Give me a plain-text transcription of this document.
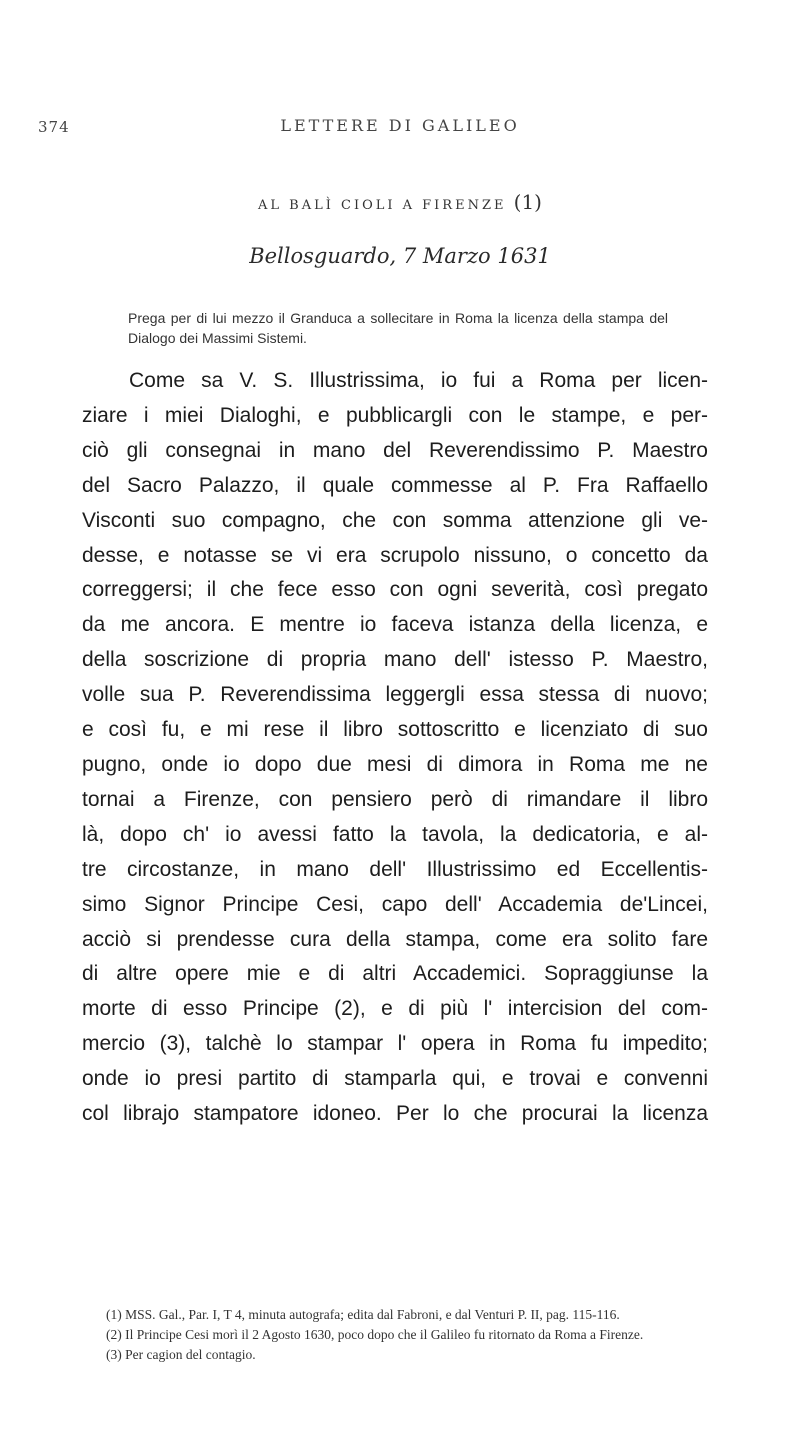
374	LETTERE DI GALILEO
AL BALÌ CIOLI A FIRENZE (1)
Bellosguardo, 7 Marzo 1631
Prega per di lui mezzo il Granduca a sollecitare in Roma la licenza della stampa del Dialogo dei Massimi Sistemi.
Come sa V. S. Illustrissima, io fui a Roma per licen-
ziare i miei Dialoghi, e pubblicargli con le stampe, e per-
ciò gli consegnai in mano del Reverendissimo P. Maestro
del Sacro Palazzo, il quale commesse al P. Fra Raffaello
Visconti suo compagno, che con somma attenzione gli ve-
desse, e notasse se vi era scrupolo nissuno, o concetto da
correggersi; il che fece esso con ogni severità, così pregato
da me ancora. E mentre io faceva istanza della licenza, e
della soscrizione di propria mano dell' istesso P. Maestro,
volle sua P. Reverendissima leggergli essa stessa di nuovo;
e così fu, e mi rese il libro sottoscritto e licenziato di suo
pugno, onde io dopo due mesi di dimora in Roma me ne
tornai a Firenze, con pensiero però di rimandare il libro
là, dopo ch' io avessi fatto la tavola, la dedicatoria, e al-
tre circostanze, in mano dell' Illustrissimo ed Eccellentis-
simo Signor Principe Cesi, capo dell' Accademia de'Lincei,
acciò si prendesse cura della stampa, come era solito fare
di altre opere mie e di altri Accademici. Sopraggiunse la
morte di esso Principe (2), e di più l' intercision del com-
mercio (3), talchè lo stampar l' opera in Roma fu impedito;
onde io presi partito di stamparla qui, e trovai e convenni
col librajo stampatore idoneo. Per lo che procurai la licenza
(1) MSS. Gal., Par. I, T 4, minuta autografa; edita dal Fabroni, e dal Venturi P. II, pag. 115-116.
(2) Il Principe Cesi morì il 2 Agosto 1630, poco dopo che il Galileo fu ritornato da Roma a Firenze.
(3) Per cagion del contagio.
